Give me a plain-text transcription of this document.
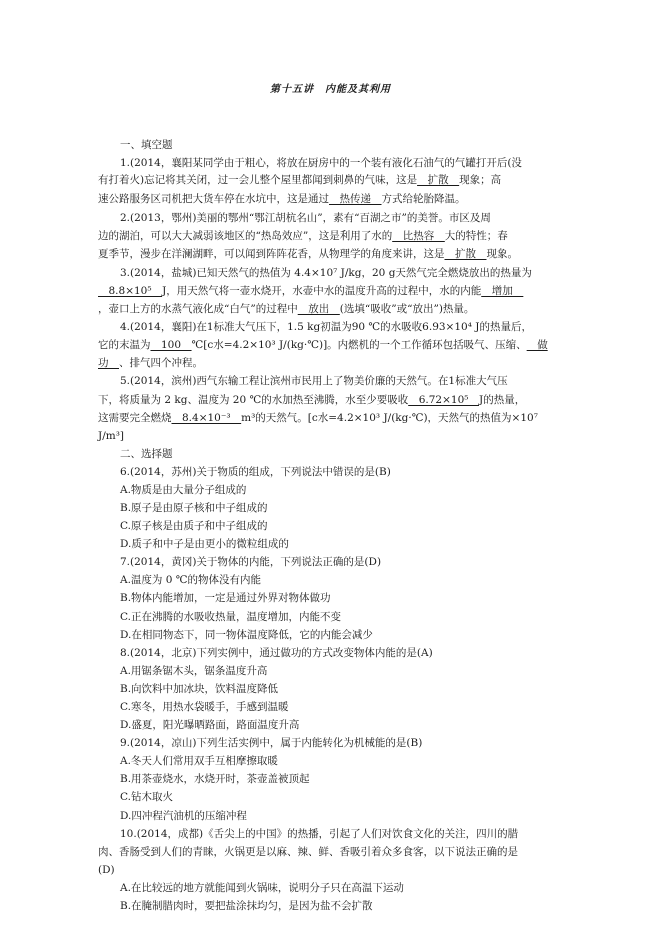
第十五讲　内能及其利用
一、填空题
1.(2014，襄阳某同学由于粗心，将放在厨房中的一个装有液化石油气的气罐打开后(没
有打着火)忘记将其关闭，过一会儿整个屋里都闻到刺鼻的气味，这是__扩散__现象；高
速公路服务区司机把大货车停在水坑中，这是通过__热传递__方式给轮胎降温。
2.(2013，鄂州)美丽的鄂州“鄂江胡杭名山”，素有“百湖之市”的美誉。市区及周
边的湖泊，可以大大减弱该地区的“热岛效应”，这是利用了水的__比热容__大的特性；春
夏季节，漫步在洋澜湖畔，可以闻到阵阵花香，从物理学的角度来讲，这是__扩散__现象。
3.(2014，盐城)已知天然气的热值为 4.4×10⁷ J/kg，20 g天然气完全燃烧放出的热量为
__8.8×10⁵__J，用天然气将一壶水烧开，水壶中水的温度升高的过程中，水的内能__增加__
，壶口上方的水蒸气液化成“白气”的过程中__放出__(选填“吸收”或“放出”)热量。
4.(2014，襄阳)在1标准大气压下，1.5 kg初温为90 ℃的水吸收6.93×10⁴ J的热量后，
它的末温为__100__℃[c水=4.2×10³ J/(kg·℃)]。内燃机的一个工作循环包括吸气、压缩、__做
功__、排气四个冲程。
5.(2014，滨州)西气东输工程让滨州市民用上了物美价廉的天然气。在1标准大气压
下，将质量为 2 kg、温度为 20 ℃的水加热至沸腾，水至少要吸收__6.72×10⁵__J的热量，
这需要完全燃烧__8.4×10⁻³__m³的天然气。[c水=4.2×10³ J/(kg·℃)，天然气的热值为×10⁷
J/m³]
二、选择题
6.(2014，苏州)关于物质的组成，下列说法中错误的是(B)
A.物质是由大量分子组成的
B.原子是由原子核和中子组成的
C.原子核是由质子和中子组成的
D.质子和中子是由更小的微粒组成的
7.(2014，黄冈)关于物体的内能，下列说法正确的是(D)
A.温度为 0 ℃的物体没有内能
B.物体内能增加，一定是通过外界对物体做功
C.正在沸腾的水吸收热量，温度增加，内能不变
D.在相同物态下，同一物体温度降低，它的内能会减少
8.(2014，北京)下列实例中，通过做功的方式改变物体内能的是(A)
A.用锯条锯木头，锯条温度升高
B.向饮料中加冰块，饮料温度降低
C.寒冬，用热水袋暖手，手感到温暖
D.盛夏，阳光曝晒路面，路面温度升高
9.(2014，凉山)下列生活实例中，属于内能转化为机械能的是(B)
A.冬天人们常用双手互相摩擦取暖
B.用茶壶烧水，水烧开时，茶壶盖被顶起
C.钻木取火
D.四冲程汽油机的压缩冲程
10.(2014，成都)《舌尖上的中国》的热播，引起了人们对饮食文化的关注，四川的腊
肉、香肠受到人们的青睐，火锅更是以麻、辣、鲜、香吸引着众多食客，以下说法正确的是
(D)
A.在比较远的地方就能闻到火锅味，说明分子只在高温下运动
B.在腌制腊肉时，要把盐涂抹均匀，是因为盐不会扩散
